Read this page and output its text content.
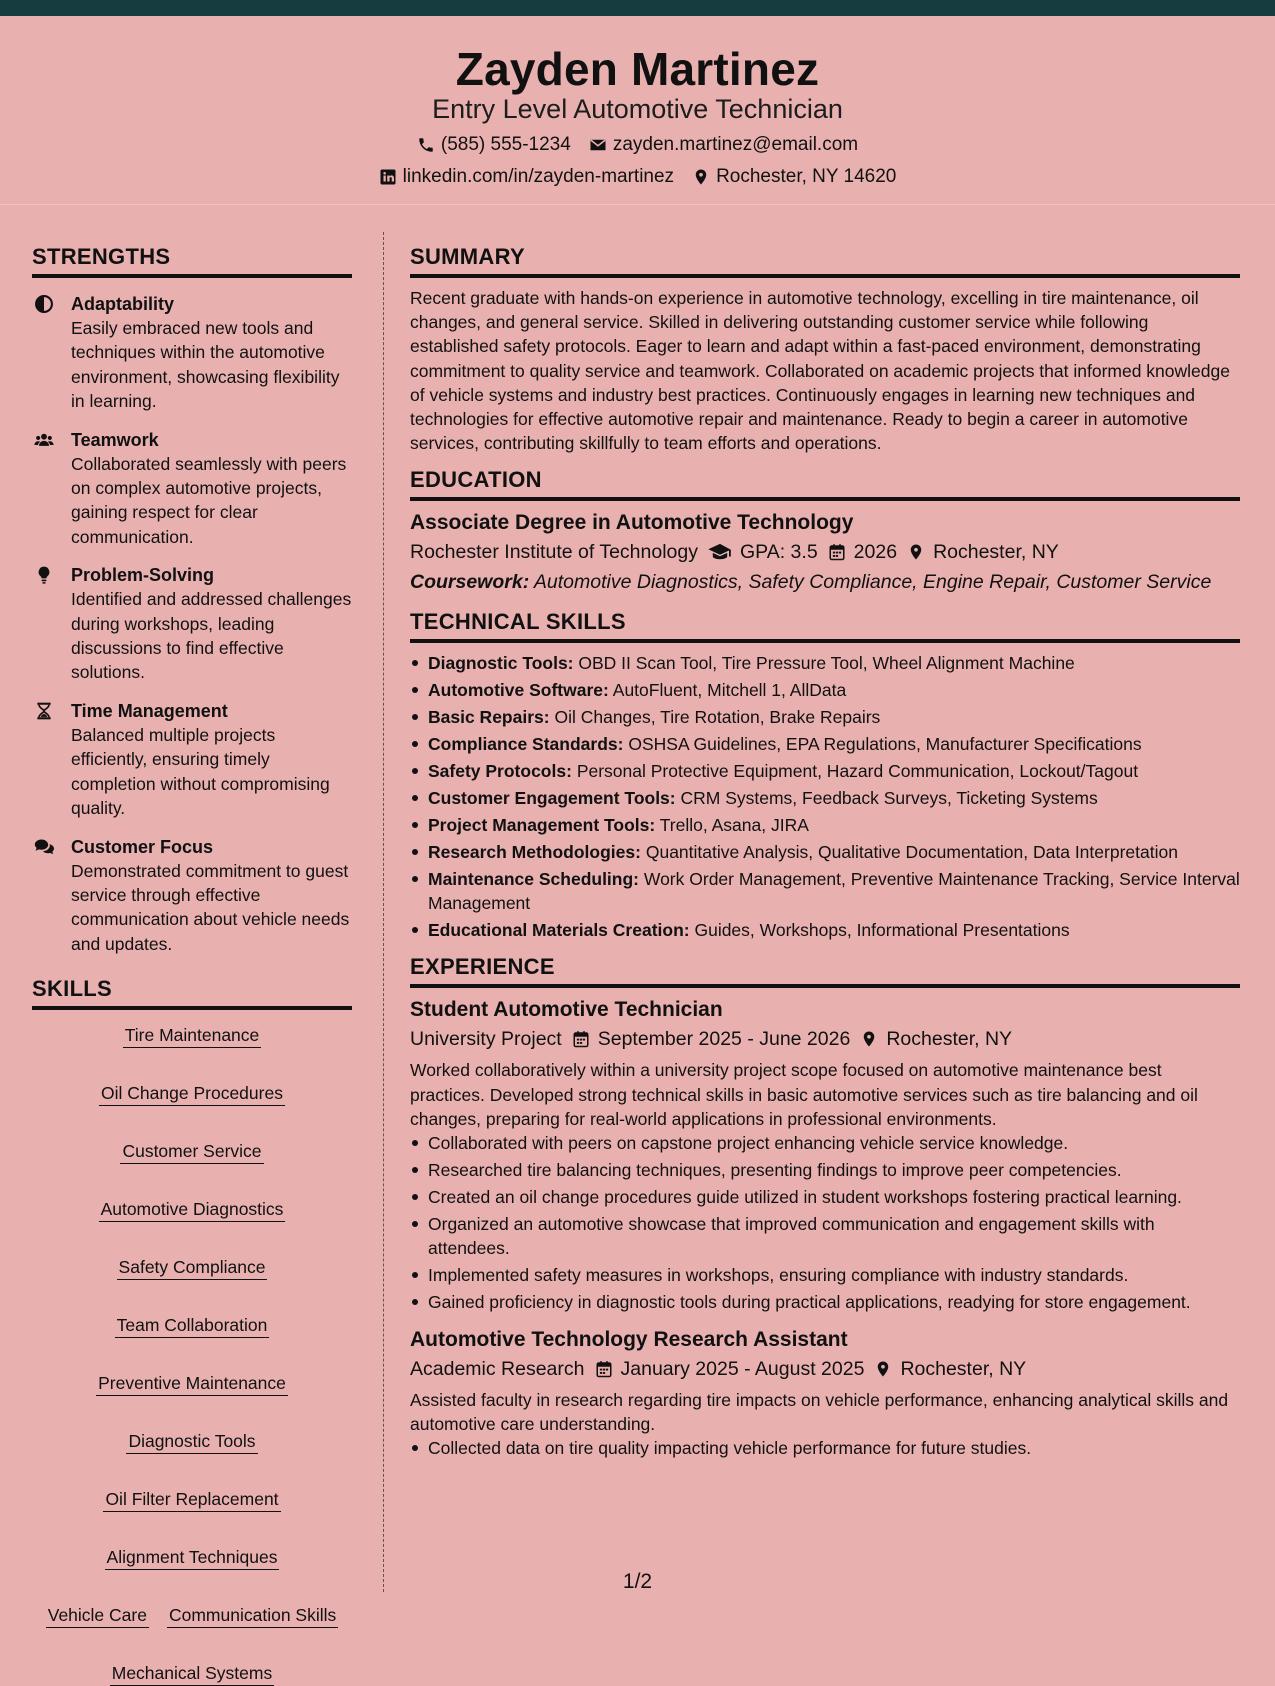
Zayden Martinez
Entry Level Automotive Technician
(585) 555-1234 zayden.martinez@email.com
linkedin.com/in/zayden-martinez Rochester, NY 14620
STRENGTHS
Adaptability
Easily embraced new tools and techniques within the automotive environment, showcasing flexibility in learning.
Teamwork
Collaborated seamlessly with peers on complex automotive projects, gaining respect for clear communication.
Problem-Solving
Identified and addressed challenges during workshops, leading discussions to find effective solutions.
Time Management
Balanced multiple projects efficiently, ensuring timely completion without compromising quality.
Customer Focus
Demonstrated commitment to guest service through effective communication about vehicle needs and updates.
SKILLS
Tire Maintenance
Oil Change Procedures
Customer Service
Automotive Diagnostics
Safety Compliance
Team Collaboration
Preventive Maintenance
Diagnostic Tools
Oil Filter Replacement
Alignment Techniques
Vehicle Care Communication Skills
Mechanical Systems
SUMMARY
Recent graduate with hands-on experience in automotive technology, excelling in tire maintenance, oil changes, and general service. Skilled in delivering outstanding customer service while following established safety protocols. Eager to learn and adapt within a fast-paced environment, demonstrating commitment to quality service and teamwork. Collaborated on academic projects that informed knowledge of vehicle systems and industry best practices. Continuously engages in learning new techniques and technologies for effective automotive repair and maintenance. Ready to begin a career in automotive services, contributing skillfully to team efforts and operations.
EDUCATION
Associate Degree in Automotive Technology
Rochester Institute of Technology GPA: 3.5 2026 Rochester, NY
Coursework: Automotive Diagnostics, Safety Compliance, Engine Repair, Customer Service
TECHNICAL SKILLS
Diagnostic Tools: OBD II Scan Tool, Tire Pressure Tool, Wheel Alignment Machine
Automotive Software: AutoFluent, Mitchell 1, AllData
Basic Repairs: Oil Changes, Tire Rotation, Brake Repairs
Compliance Standards: OSHSA Guidelines, EPA Regulations, Manufacturer Specifications
Safety Protocols: Personal Protective Equipment, Hazard Communication, Lockout/Tagout
Customer Engagement Tools: CRM Systems, Feedback Surveys, Ticketing Systems
Project Management Tools: Trello, Asana, JIRA
Research Methodologies: Quantitative Analysis, Qualitative Documentation, Data Interpretation
Maintenance Scheduling: Work Order Management, Preventive Maintenance Tracking, Service Interval Management
Educational Materials Creation: Guides, Workshops, Informational Presentations
EXPERIENCE
Student Automotive Technician
University Project September 2025 - June 2026 Rochester, NY
Worked collaboratively within a university project scope focused on automotive maintenance best practices. Developed strong technical skills in basic automotive services such as tire balancing and oil changes, preparing for real-world applications in professional environments.
Collaborated with peers on capstone project enhancing vehicle service knowledge.
Researched tire balancing techniques, presenting findings to improve peer competencies.
Created an oil change procedures guide utilized in student workshops fostering practical learning.
Organized an automotive showcase that improved communication and engagement skills with attendees.
Implemented safety measures in workshops, ensuring compliance with industry standards.
Gained proficiency in diagnostic tools during practical applications, readying for store engagement.
Automotive Technology Research Assistant
Academic Research January 2025 - August 2025 Rochester, NY
Assisted faculty in research regarding tire impacts on vehicle performance, enhancing analytical skills and automotive care understanding.
Collected data on tire quality impacting vehicle performance for future studies.
1/2
